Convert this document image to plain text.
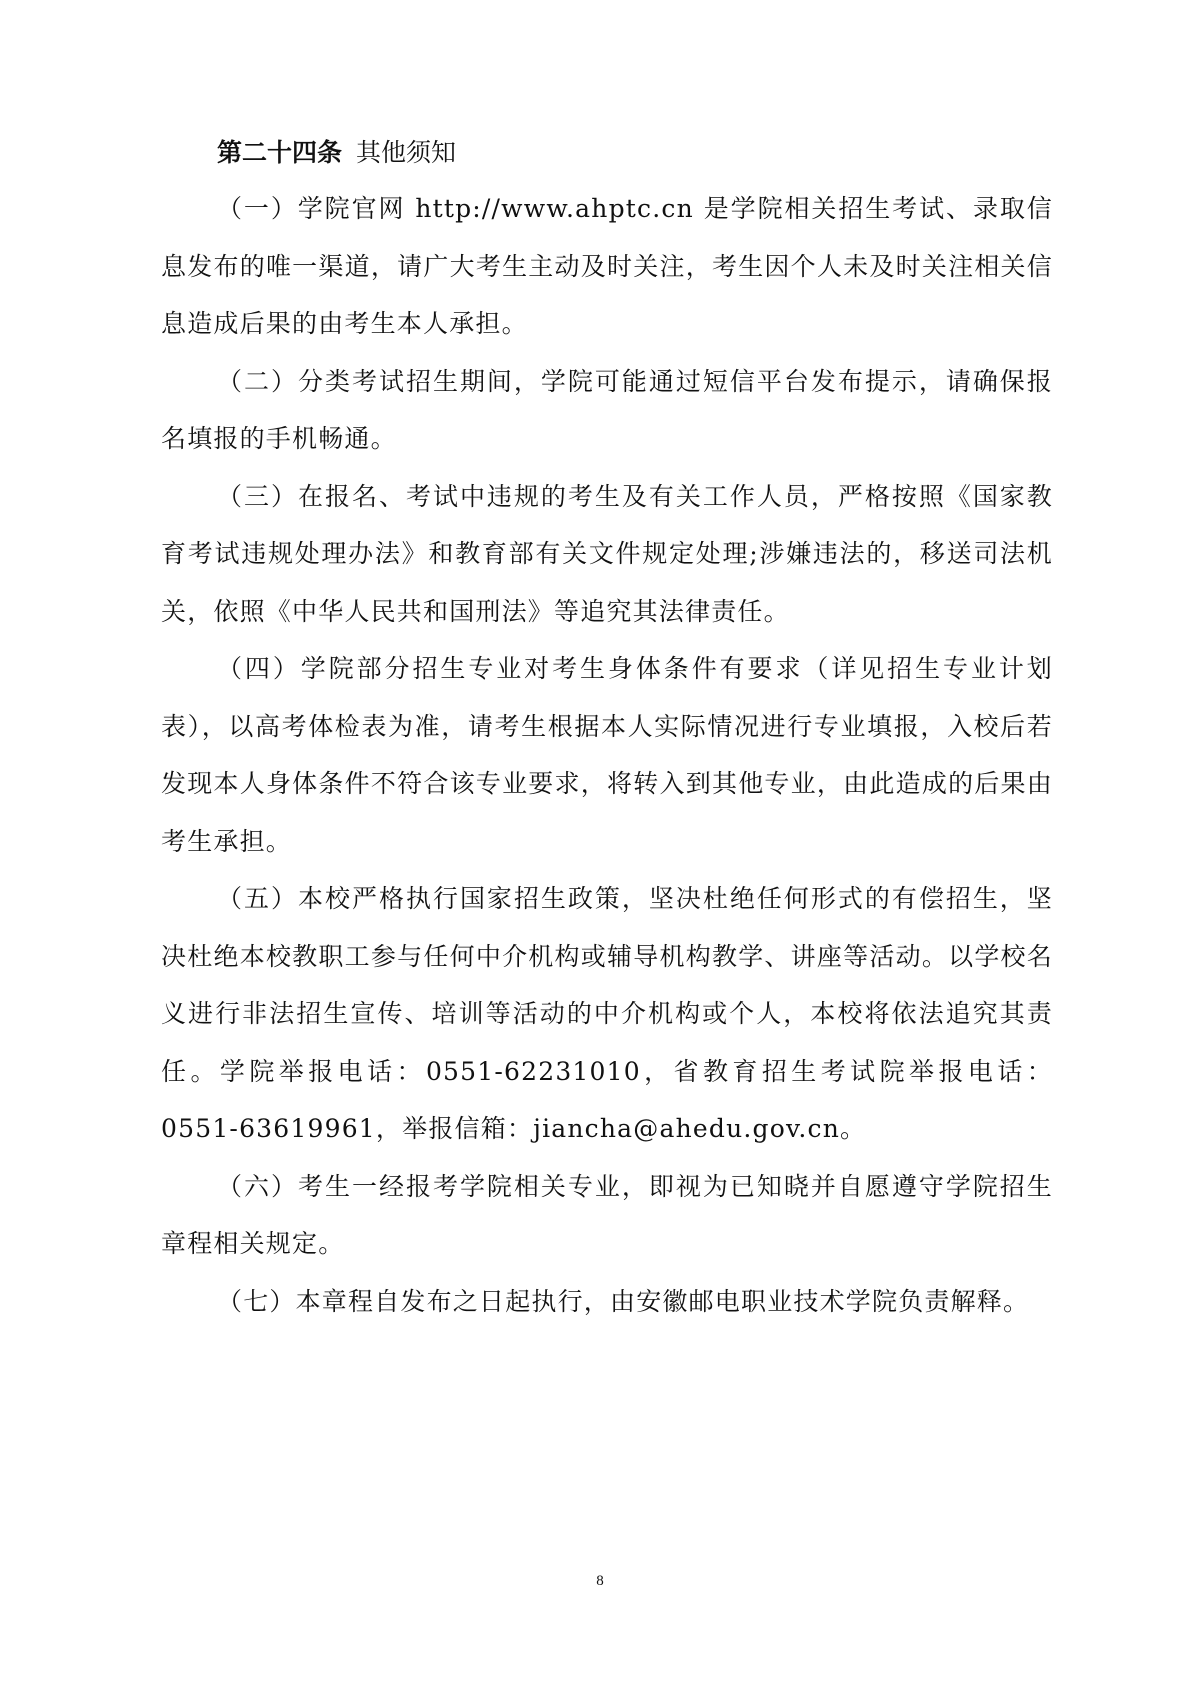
第二十四条 其他须知

（一）学院官网 http://www.ahptc.cn 是学院相关招生考试、录取信息发布的唯一渠道，请广大考生主动及时关注，考生因个人未及时关注相关信息造成后果的由考生本人承担。

（二）分类考试招生期间，学院可能通过短信平台发布提示，请确保报名填报的手机畅通。

（三）在报名、考试中违规的考生及有关工作人员，严格按照《国家教育考试违规处理办法》和教育部有关文件规定处理;涉嫌违法的，移送司法机关，依照《中华人民共和国刑法》等追究其法律责任。

（四）学院部分招生专业对考生身体条件有要求（详见招生专业计划表），以高考体检表为准，请考生根据本人实际情况进行专业填报，入校后若发现本人身体条件不符合该专业要求，将转入到其他专业，由此造成的后果由考生承担。

（五）本校严格执行国家招生政策，坚决杜绝任何形式的有偿招生，坚决杜绝本校教职工参与任何中介机构或辅导机构教学、讲座等活动。以学校名义进行非法招生宣传、培训等活动的中介机构或个人，本校将依法追究其责任。学院举报电话：0551-62231010，省教育招生考试院举报电话：0551-63619961，举报信箱：jiancha@ahedu.gov.cn。

（六）考生一经报考学院相关专业，即视为已知晓并自愿遵守学院招生章程相关规定。

（七）本章程自发布之日起执行，由安徽邮电职业技术学院负责解释。

8
